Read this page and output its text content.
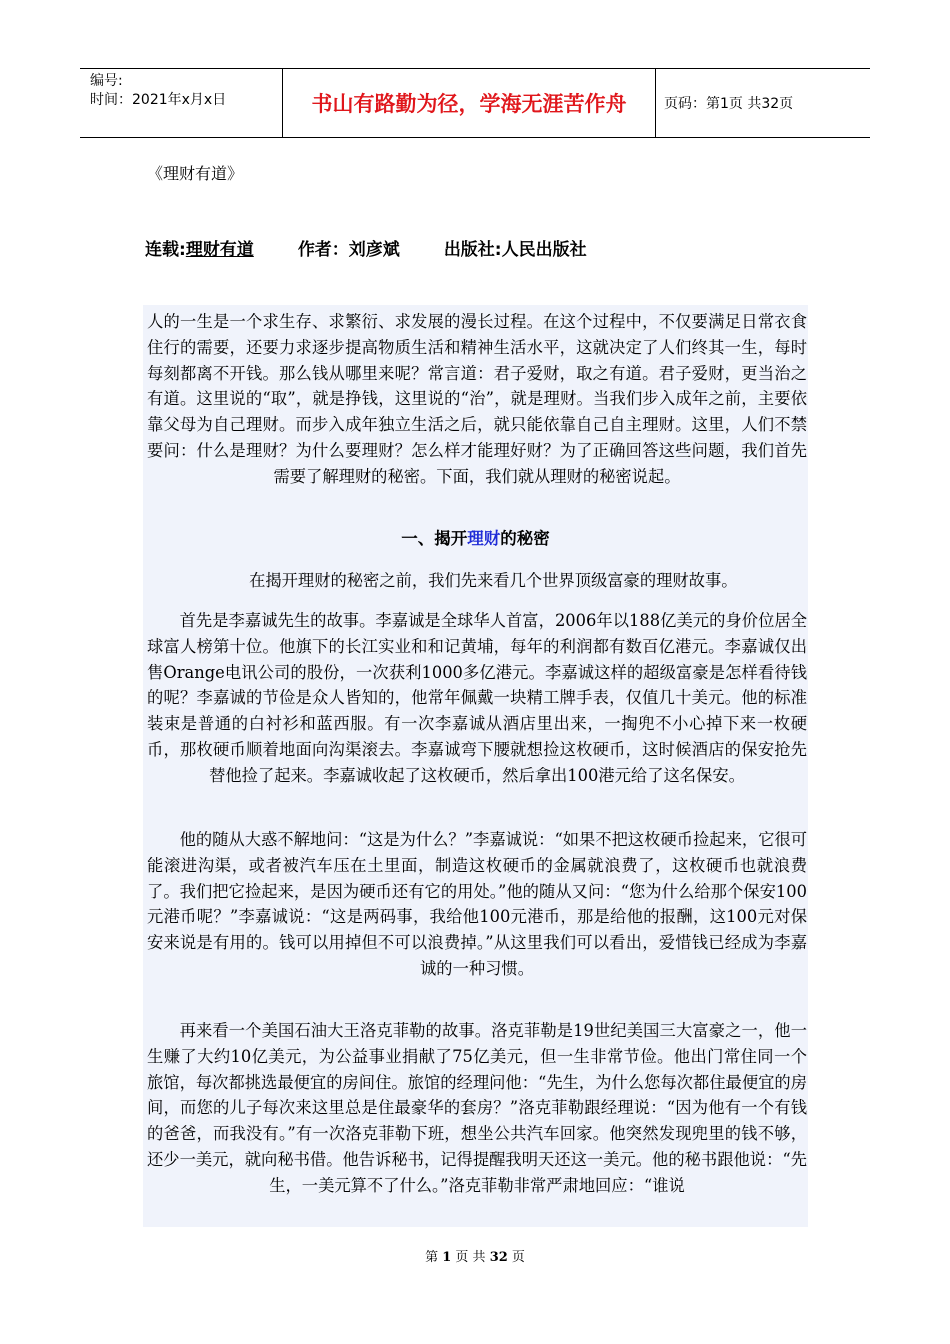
编号:
时间：2021年x月x日	书山有路勤为径，学海无涯苦作舟	页码：第1页 共32页
《理财有道》
连载:理财有道	作者：刘彦斌	出版社:人民出版社
人的一生是一个求生存、求繁衍、求发展的漫长过程。在这个过程中，不仅要满足日常衣食住行的需要，还要力求逐步提高物质生活和精神生活水平，这就决定了人们终其一生，每时每刻都离不开钱。那么钱从哪里来呢？常言道：君子爱财，取之有道。君子爱财，更当治之有道。这里说的“取”，就是挣钱，这里说的“治”，就是理财。当我们步入成年之前，主要依靠父母为自己理财。而步入成年独立生活之后，就只能依靠自己自主理财。这里，人们不禁要问：什么是理财？为什么要理财？怎么样才能理好财？为了正确回答这些问题，我们首先需要了解理财的秘密。下面，我们就从理财的秘密说起。
一、揭开理财的秘密
在揭开理财的秘密之前，我们先来看几个世界顶级富豪的理财故事。
首先是李嘉诚先生的故事。李嘉诚是全球华人首富，2006年以188亿美元的身价位居全球富人榜第十位。他旗下的长江实业和和记黄埔，每年的利润都有数百亿港元。李嘉诚仅出售Orange电讯公司的股份，一次获利1000多亿港元。李嘉诚这样的超级富豪是怎样看待钱的呢？李嘉诚的节俭是众人皆知的，他常年佩戴一块精工牌手表，仅值几十美元。他的标准装束是普通的白衬衫和蓝西服。有一次李嘉诚从酒店里出来，一掏兜不小心掉下来一枚硬币，那枚硬币顺着地面向沟渠滚去。李嘉诚弯下腰就想捡这枚硬币，这时候酒店的保安抢先替他捡了起来。李嘉诚收起了这枚硬币，然后拿出100港元给了这名保安。
他的随从大惑不解地问：“这是为什么？”李嘉诚说：“如果不把这枚硬币捡起来，它很可能滚进沟渠，或者被汽车压在土里面，制造这枚硬币的金属就浪费了，这枚硬币也就浪费了。我们把它捡起来，是因为硬币还有它的用处。”他的随从又问：“您为什么给那个保安100元港币呢？”李嘉诚说：“这是两码事，我给他100元港币，那是给他的报酬，这100元对保安来说是有用的。钱可以用掉但不可以浪费掉。”从这里我们可以看出，爱惜钱已经成为李嘉诚的一种习惯。
再来看一个美国石油大王洛克菲勒的故事。洛克菲勒是19世纪美国三大富豪之一，他一生赚了大约10亿美元，为公益事业捐献了75亿美元，但一生非常节俭。他出门常住同一个旅馆，每次都挑选最便宜的房间住。旅馆的经理问他：“先生，为什么您每次都住最便宜的房间，而您的儿子每次来这里总是住最豪华的套房？”洛克菲勒跟经理说：“因为他有一个有钱的爸爸，而我没有。”有一次洛克菲勒下班，想坐公共汽车回家。他突然发现兜里的钱不够，还少一美元，就向秘书借。他告诉秘书，记得提醒我明天还这一美元。他的秘书跟他说：“先生，一美元算不了什么。”洛克菲勒非常严肃地回应：“谁说
第 1 页 共 32 页
